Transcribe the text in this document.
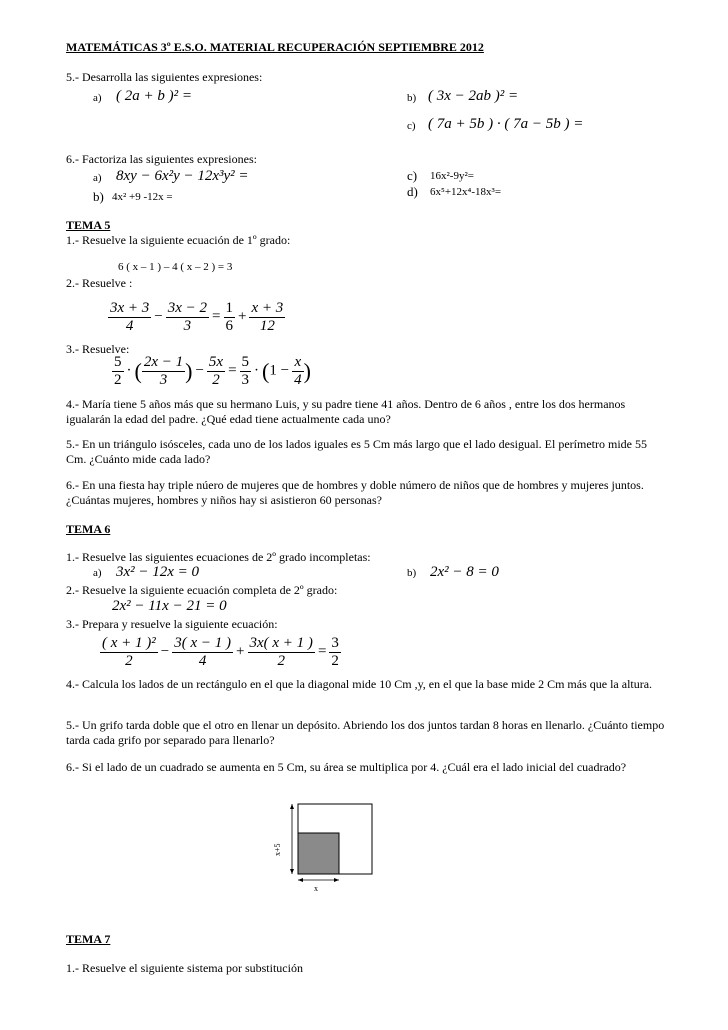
MATEMÁTICAS 3º E.S.O. MATERIAL RECUPERACIÓN SEPTIEMBRE 2012
5.- Desarrolla las siguientes expresiones:
a) ( 2a + b )² =	b) ( 3x − 2ab )² =
c) ( 7a + 5b ) · ( 7a − 5b ) =
6.- Factoriza las siguientes expresiones:
a) 8xy − 6x²y − 12x³y² =
b) 4x² +9 -12x =
c) 16x²-9y²=
d) 6x⁵+12x⁴-18x³=
TEMA 5
1.- Resuelve la siguiente ecuación de 1º grado:
6 ( x – 1 ) – 4 ( x – 2 ) = 3
2.- Resuelve :
$\frac{3x + 3}{4} - \frac{3x - 2}{3} = \frac{1}{6} + \frac{x + 3}{12}$
3.- Resuelve:
$\frac{5}{2}$ · ( $\frac{2x - 1}{3}$ ) − $\frac{5x}{2} = \frac{5}{3} \cdot (1 - \frac{x}{4}$ )
4.- María tiene 5 años más que su hermano Luis, y su padre tiene 41 años. Dentro de 6 años , entre los dos hermanos igualarán la edad del padre. ¿Qué edad tiene actualmente cada uno?
5.- En un triángulo isósceles, cada uno de los lados iguales es 5 Cm más largo que el lado desigual. El perímetro mide 55 Cm. ¿Cuánto mide cada lado?
6.- En una fiesta hay triple núero de mujeres que de hombres y doble número de niños que de hombres y mujeres juntos.¿Cuántas mujeres, hombres y niños hay si asistieron 60 personas?
TEMA 6
1.- Resuelve las siguientes ecuaciones de 2º grado incompletas:
a) 3x² − 12x = 0	b) 2x² − 8 = 0
2.- Resuelve la siguiente ecuación completa de 2º grado:
2x² − 11x − 21 = 0
3.- Prepara y resuelve la siguiente ecuación:
$\frac{\text{( x + 1 )²}}{2} - \frac{3( x - 1 )}{4} + \frac{3x( x + 1 )}{2} = \frac{3}{2}$
4.- Calcula los lados de un rectángulo en el que la diagonal mide 10 Cm ,y, en el que la base mide 2 Cm más que la altura.
5.- Un grifo tarda doble que el otro en llenar un depósito. Abriendo los dos juntos tardan 8 horas en llenarlo. ¿Cuánto tiempo tarda cada grifo por separado para llenarlo?
6.- Si el lado de un cuadrado se aumenta en 5 Cm, su área se multiplica por 4. ¿Cuál era el lado inicial del cuadrado?
x+5
x
TEMA 7
1.- Resuelve el siguiente sistema por substitución
